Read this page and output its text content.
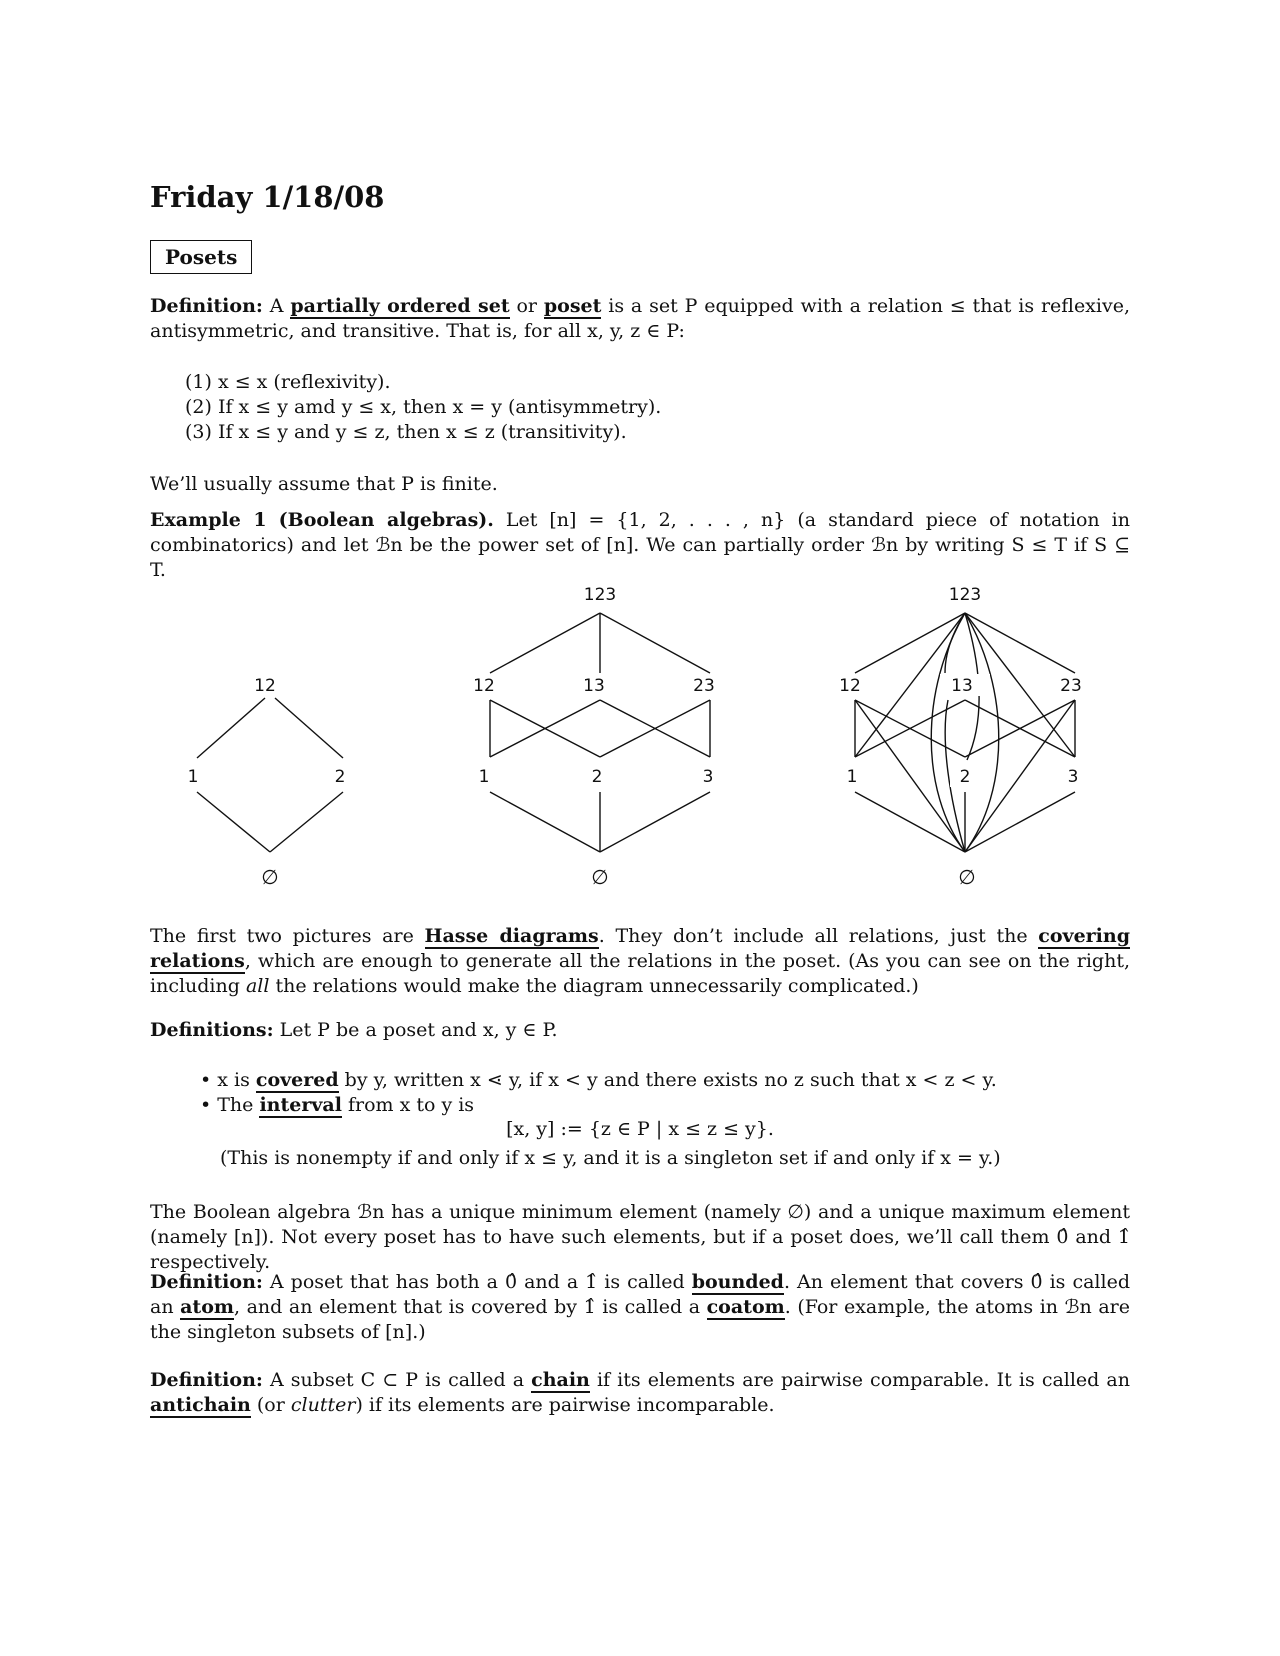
Friday 1/18/08
Posets
Definition: A partially ordered set or poset is a set P equipped with a relation ≤ that is reflexive, antisymmetric, and transitive. That is, for all x, y, z ∈ P:
(1) x ≤ x (reflexivity).
(2) If x ≤ y amd y ≤ x, then x = y (antisymmetry).
(3) If x ≤ y and y ≤ z, then x ≤ z (transitivity).
We’ll usually assume that P is finite.
Example 1 (Boolean algebras). Let [n] = {1, 2, . . . , n} (a standard piece of notation in combinatorics) and let ℬn be the power set of [n]. We can partially order ℬn by writing S ≤ T if S ⊆ T.
12
1	2
∅
123
12	13	23
1	2	3
∅
123
12	13	23
1	2	3
∅
The first two pictures are Hasse diagrams. They don’t include all relations, just the covering relations, which are enough to generate all the relations in the poset. (As you can see on the right, including all the relations would make the diagram unnecessarily complicated.)
Definitions: Let P be a poset and x, y ∈ P.
• x is covered by y, written x ⋖ y, if x < y and there exists no z such that x < z < y.
• The interval from x to y is
[x, y] := {z ∈ P | x ≤ z ≤ y}.
(This is nonempty if and only if x ≤ y, and it is a singleton set if and only if x = y.)
The Boolean algebra ℬn has a unique minimum element (namely ∅) and a unique maximum element (namely [n]). Not every poset has to have such elements, but if a poset does, we’ll call them 0̂ and 1̂ respectively.
Definition: A poset that has both a 0̂ and a 1̂ is called bounded. An element that covers 0̂ is called an atom, and an element that is covered by 1̂ is called a coatom. (For example, the atoms in ℬn are the singleton subsets of [n].)
Definition: A subset C ⊂ P is called a chain if its elements are pairwise comparable. It is called an antichain (or clutter) if its elements are pairwise incomparable.
